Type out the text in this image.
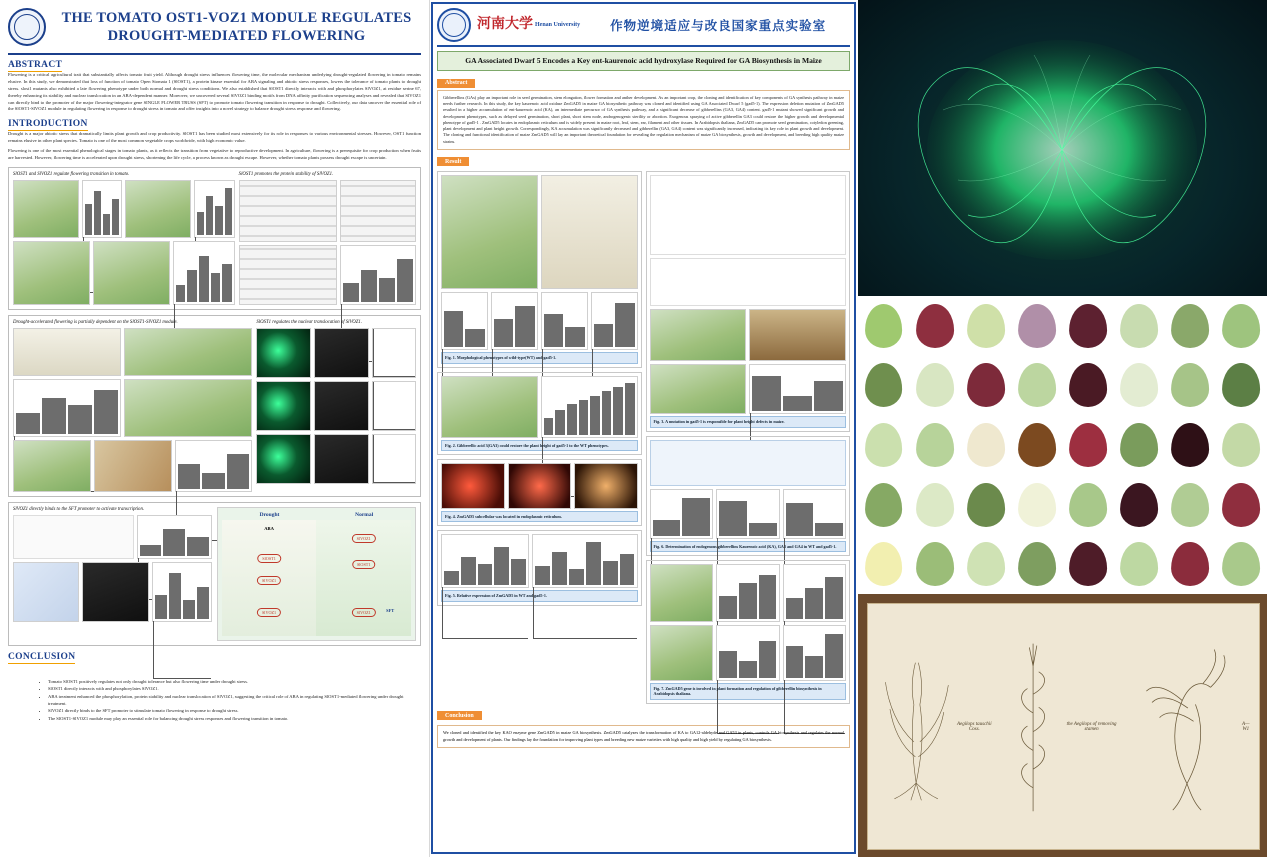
THE TOMATO OST1-VOZ1 MODULE REGULATES DROUGHT-MEDIATED FLOWERING
ABSTRACT
Flowering is a critical agricultural trait that substantially affects tomato fruit yield. Although drought stress influences flowering time, the molecular mechanism underlying drought-regulated flowering in tomato remains elusive. In this study, we demonstrated that loss of function of tomato Open Stomata 1 (SlOST1), a protein kinase essential for ABA signaling and abiotic stress responses, lowers the tolerance of tomato plants to drought stress. slost1 mutants also exhibited a late flowering phenotype under both normal and drought stress conditions. We also established that SlOST1 directly interacts with and phosphorylates SlVOZ1, at residue serine 67, thereby enhancing its stability and nuclear translocation in an ABA-dependent manner. Moreover, we uncovered several SlVOZ1 binding motifs from DNA affinity purification sequencing analyses and revealed that SlVOZ1 can directly bind to the promoter of the major flowering-integrator gene SINGLE FLOWER TRUSS (SFT) to promote tomato flowering transition in response to drought. Collectively, our data uncover the essential role of the SlOST1-SlVOZ1 module in regulating flowering in response to drought stress in tomato and offer insights into a novel strategy to balance drought stress response and flowering.
INTRODUCTION
Drought is a major abiotic stress that dramatically limits plant growth and crop productivity. SlOST1 has been studied most extensively for its role in responses to various environmental stresses. However, OST1 function remains elusive in other plant species. Tomato is one of the most common vegetable crops worldwide, with high economic value.
Flowering is one of the most essential phenological stages in tomato plants, as it reflects the transition from vegetative to reproductive development. In agriculture, flowering is a prerequisite for crop production when fruits are harvested. However, flowering time is accelerated upon drought stress, shortening the life cycle, a process known as drought escape. However, whether tomato plants possess drought escape is uncertain.
SlOST1 and SlVOZ1 regulate flowering transition in tomato.	SlOST1 promotes the protein stability of SlVOZ1.
Drought-accelerated flowering is partially dependent on the SlOST1-SlVOZ1 module.	SlOST1 regulates the nuclear translocation of SlVOZ1.
SlVOZ1 directly binds to the SFT promoter to activate transcription.
Drought	Normal
ABA
SlOST1
SlVOZ1
SlVOZ1
SlVOZ1
SlOST1
SlVOZ1	SFT
CONCLUSION
• Tomato SlOST1 positively regulates not only drought tolerance but also flowering time under drought stress.
• SlOST1 directly interacts with and phosphorylates SlVOZ1.
• ABA treatment enhanced the phosphorylation, protein stability and nuclear translocation of SlVOZ1, suggesting the critical role of ABA in regulating SlOST1-mediated flowering under drought treatment.
• SlVOZ1 directly binds to the SFT promoter to stimulate tomato flowering in response to drought stress.
• The SlOST1-SlVOZ1 module may play an essential role for balancing drought stress responses and flowering transition in tomato.
河南大学 Henan University	作物逆境适应与改良国家重点实验室
GA Associated Dwarf 5 Encodes a Key ent-kaurenoic acid hydroxylase Required for GA Biosynthesis in Maize
Abstract
Gibberellins (GAs) play an important role in seed germination, stem elongation, flower formation and anther development. As an important crop, the cloning and identification of key components of GA synthesis pathway in maize needs further research. In this study, the key kaurenoic acid oxidase ZmGAD5 in maize GA biosynthetic pathway was cloned and identified using GA Associated Dwarf 5 (gad5-1). The expression deletion mutation of ZmGAD5 resulted in a higher accumulation of ent-kaurenoic acid (KA), an intermediate precursor of GA synthesis pathway, and a significant decrease of gibberellins (GA3, GA4) content. gad5-1 mutant showed significant growth and development phenotypes, such as delayed seed germination, short plant, short stem node, androgenogenic sterility or abortion. Exogenous spraying of active gibberellin GA3 could restore the higher growth and developmental phenotype of gad5-1 . ZmGAD5 locates in endoplasmic reticulum and is widely present in maize root, leaf, stem, ear, filament and other tissues. In Arabidopsis thaliana, ZmGAD5 can promote seed germination, cotyledon greening, plant development and plant height growth. Correspondingly, KA accumulation was significantly decreased and gibberellin (GA3, GA4) content was significantly increased, indicating its key role in plant growth and development. The cloning and functional identification of maize ZmGAD5 will lay an important theoretical foundation for revealing the regulation mechanism of maize GA biosynthesis, growth and development, and breeding high quality maize strains.
Result
Fig. 1. Morphological phenotypes of wild-type(WT) and gad5-1.
Fig. 2. Gibberellic acid 3(GA3) could restore the plant height of gad5-1 to the WT phenotypes.
Fig. 4. ZmGAD5 subcellular was located in endoplasmic reticulum.
Fig. 5. Relative expression of ZmGAD5 in WT and gad5-1.
Fig. 3. A mutation in gad5-1 is responsible for plant height defects in maize.
Fig. 6. Determination of endogenous gibberellins Kaurenoic acid (KA), GA3 and GA4 in WT and gad5-1.
Fig. 7. ZmGAD5 gene is involved in plant formation and regulation of gibberellin biosynthesis in Arabidopsis thaliana.
Conclusion
We cloned and identified the key KAO enzyme gene ZmGAD5 in maize GA biosynthesis. ZmGAD5 catalyzes the transformation of KA to GA12-aldehyde and GA53 in plants, controls GA biosynthesis and regulates the normal growth and development of plants. Our findings lay the foundation for improving plant types and breeding new maize varieties with high quality and high yield by regulating GA biosynthesis.
Aegilops tauschii Coss.
the Aegilops of removing stamen
A—W1
